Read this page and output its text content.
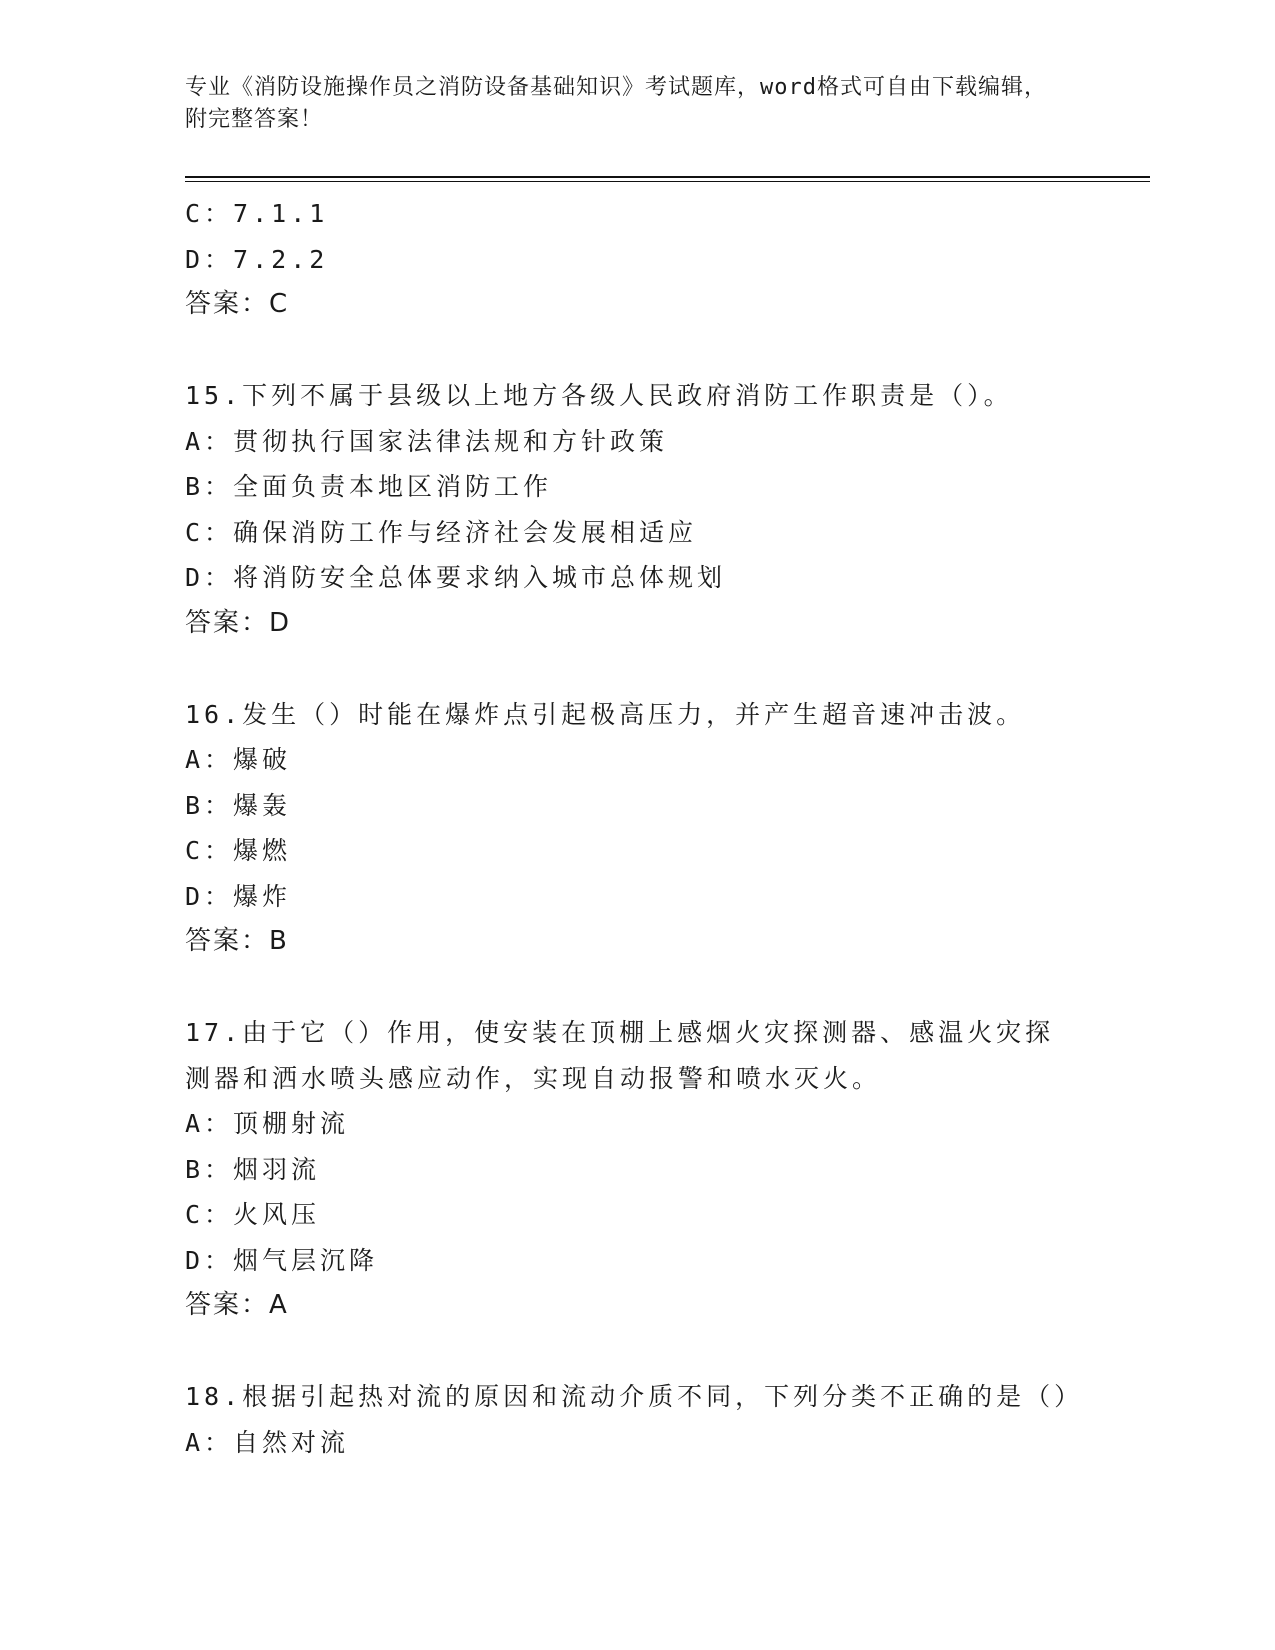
专业《消防设施操作员之消防设备基础知识》考试题库，word格式可自由下载编辑，附完整答案！
C：7.1.1
D：7.2.2
答案：C
15.下列不属于县级以上地方各级人民政府消防工作职责是（）。
A：贯彻执行国家法律法规和方针政策
B：全面负责本地区消防工作
C：确保消防工作与经济社会发展相适应
D：将消防安全总体要求纳入城市总体规划
答案：D
16.发生（）时能在爆炸点引起极高压力，并产生超音速冲击波。
A：爆破
B：爆轰
C：爆燃
D：爆炸
答案：B
17.由于它（）作用，使安装在顶棚上感烟火灾探测器、感温火灾探测器和洒水喷头感应动作，实现自动报警和喷水灭火。
A：顶棚射流
B：烟羽流
C：火风压
D：烟气层沉降
答案：A
18.根据引起热对流的原因和流动介质不同，下列分类不正确的是（）
A：自然对流
